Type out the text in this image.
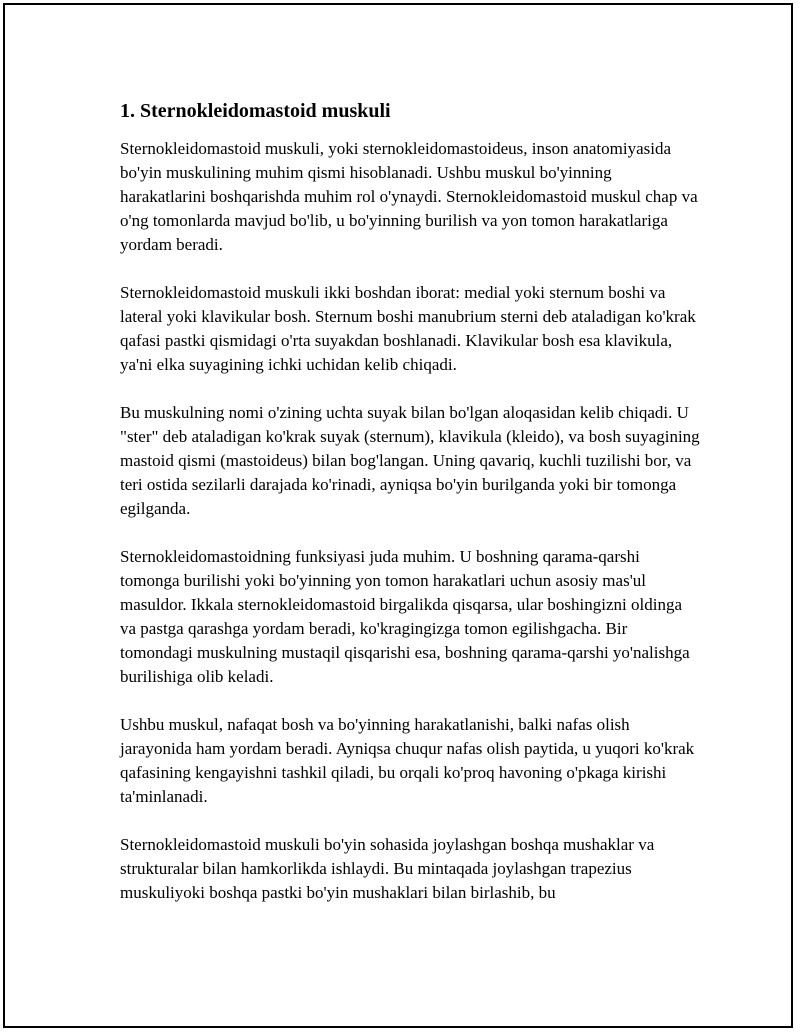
1. Sternokleidomastoid muskuli

Sternokleidomastoid muskuli, yoki sternokleidomastoideus, inson anatomiyasida bo'yin muskulining muhim qismi hisoblanadi. Ushbu muskul bo'yinning harakatlarini boshqarishda muhim rol o'ynaydi. Sternokleidomastoid muskul chap va o'ng tomonlarda mavjud bo'lib, u bo'yinning burilish va yon tomon harakatlariga yordam beradi.

Sternokleidomastoid muskuli ikki boshdan iborat: medial yoki sternum boshi va lateral yoki klavikular bosh. Sternum boshi manubrium sterni deb ataladigan ko'krak qafasi pastki qismidagi o'rta suyakdan boshlanadi. Klavikular bosh esa klavikula, ya'ni elka suyagining ichki uchidan kelib chiqadi.

Bu muskulning nomi o'zining uchta suyak bilan bo'lgan aloqasidan kelib chiqadi. U "ster" deb ataladigan ko'krak suyak (sternum), klavikula (kleido), va bosh suyagining mastoid qismi (mastoideus) bilan bog'langan. Uning qavariq, kuchli tuzilishi bor, va teri ostida sezilarli darajada ko'rinadi, ayniqsa bo'yin burilganda yoki bir tomonga egilganda.

Sternokleidomastoidning funksiyasi juda muhim. U boshning qarama-qarshi tomonga burilishi yoki bo'yinning yon tomon harakatlari uchun asosiy mas'ul masuldor. Ikkala sternokleidomastoid birgalikda qisqarsa, ular boshingizni oldinga va pastga qarashga yordam beradi, ko'kragingizga tomon egilishgacha. Bir tomondagi muskulning mustaqil qisqarishi esa, boshning qarama-qarshi yo'nalishga burilishiga olib keladi.

Ushbu muskul, nafaqat bosh va bo'yinning harakatlanishi, balki nafas olish jarayonida ham yordam beradi. Ayniqsa chuqur nafas olish paytida, u yuqori ko'krak qafasining kengayishni tashkil qiladi, bu orqali ko'proq havoning o'pkaga kirishi ta'minlanadi.

Sternokleidomastoid muskuli bo'yin sohasida joylashgan boshqa mushaklar va strukturalar bilan hamkorlikda ishlaydi. Bu mintaqada joylashgan trapezius muskuliyoki boshqa pastki bo'yin mushaklari bilan birlashib, bu
